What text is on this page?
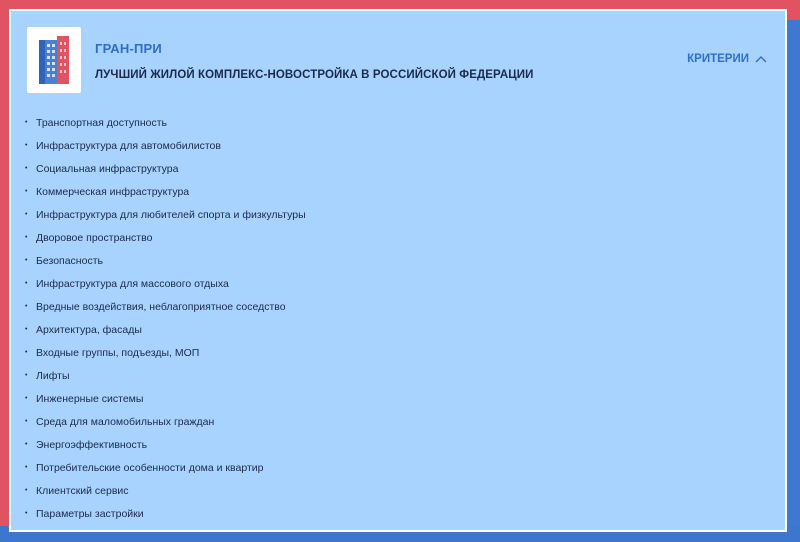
ГРАН-ПРИ
ЛУЧШИЙ ЖИЛОЙ КОМПЛЕКС-НОВОСТРОЙКА В РОССИЙСКОЙ ФЕДЕРАЦИИ
КРИТЕРИИ
• Транспортная доступность
• Инфраструктура для автомобилистов
• Социальная инфраструктура
• Коммерческая инфраструктура
• Инфраструктура для любителей спорта и физкультуры
• Дворовое пространство
• Безопасность
• Инфраструктура для массового отдыха
• Вредные воздействия, неблагоприятное соседство
• Архитектура, фасады
• Входные группы, подъезды, МОП
• Лифты
• Инженерные системы
• Среда для маломобильных граждан
• Энергоэффективность
• Потребительские особенности дома и квартир
• Клиентский сервис
• Параметры застройки
